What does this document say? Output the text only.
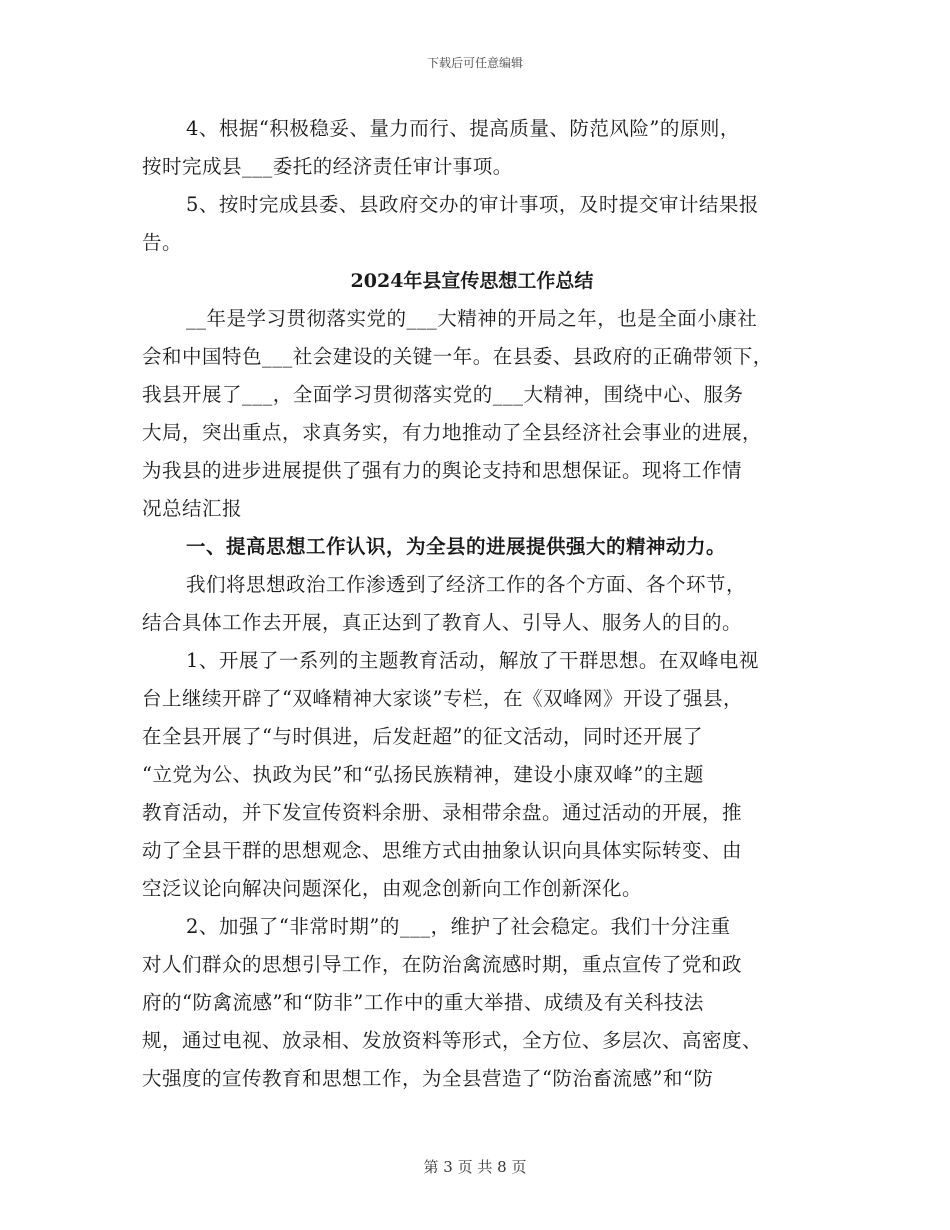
下载后可任意编辑
4、根据“积极稳妥、量力而行、提高质量、防范风险”的原则，
按时完成县___委托的经济责任审计事项。
5、按时完成县委、县政府交办的审计事项，及时提交审计结果报
告。
2024年县宣传思想工作总结
__年是学习贯彻落实党的___大精神的开局之年，也是全面小康社
会和中国特色___社会建设的关键一年。在县委、县政府的正确带领下，
我县开展了___，全面学习贯彻落实党的___大精神，围绕中心、服务
大局，突出重点，求真务实，有力地推动了全县经济社会事业的进展，
为我县的进步进展提供了强有力的舆论支持和思想保证。现将工作情
况总结汇报
一、提高思想工作认识，为全县的进展提供强大的精神动力。
我们将思想政治工作渗透到了经济工作的各个方面、各个环节，
结合具体工作去开展，真正达到了教育人、引导人、服务人的目的。
1、开展了一系列的主题教育活动，解放了干群思想。在双峰电视
台上继续开辟了“双峰精神大家谈”专栏，在《双峰网》开设了强县，
在全县开展了“与时俱进，后发赶超”的征文活动，同时还开展了
“立党为公、执政为民”和“弘扬民族精神，建设小康双峰”的主题
教育活动，并下发宣传资料余册、录相带余盘。通过活动的开展，推
动了全县干群的思想观念、思维方式由抽象认识向具体实际转变、由
空泛议论向解决问题深化，由观念创新向工作创新深化。
2、加强了“非常时期”的___，维护了社会稳定。我们十分注重
对人们群众的思想引导工作，在防治禽流感时期，重点宣传了党和政
府的“防禽流感”和“防非”工作中的重大举措、成绩及有关科技法
规，通过电视、放录相、发放资料等形式，全方位、多层次、高密度、
大强度的宣传教育和思想工作，为全县营造了“防治畜流感”和“防
第 3 页 共 8 页
